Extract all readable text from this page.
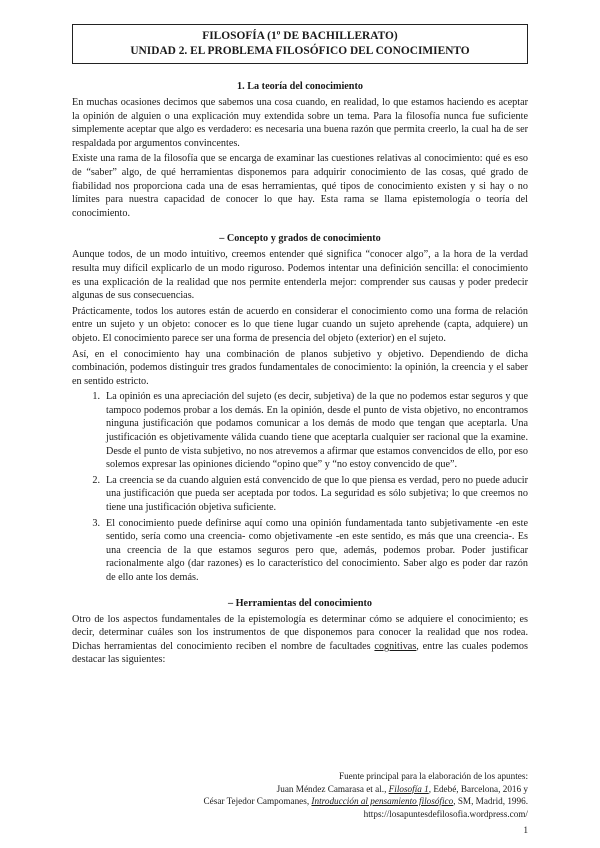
FILOSOFÍA (1º DE BACHILLERATO)
UNIDAD 2. EL PROBLEMA FILOSÓFICO DEL CONOCIMIENTO
1. La teoría del conocimiento

En muchas ocasiones decimos que sabemos una cosa cuando, en realidad, lo que estamos haciendo es aceptar la opinión de alguien o una explicación muy extendida sobre un tema. Para la filosofía nunca fue suficiente simplemente aceptar que algo es verdadero: es necesaria una buena razón que permita creerlo, la cual ha de ser respaldada por argumentos convincentes.

Existe una rama de la filosofía que se encarga de examinar las cuestiones relativas al conocimiento: qué es eso de “saber” algo, de qué herramientas disponemos para adquirir conocimiento de las cosas, qué grado de fiabilidad nos proporciona cada una de esas herramientas, qué tipos de conocimiento existen y si hay o no límites para nuestra capacidad de conocer lo que hay. Esta rama se llama epistemología o teoría del conocimiento.

– Concepto y grados de conocimiento

Aunque todos, de un modo intuitivo, creemos entender qué significa “conocer algo”, a la hora de la verdad resulta muy difícil explicarlo de un modo riguroso. Podemos intentar una definición sencilla: el conocimiento es una explicación de la realidad que nos permite entenderla mejor: comprender sus causas y poder predecir algunas de sus consecuencias.

Prácticamente, todos los autores están de acuerdo en considerar el conocimiento como una forma de relación entre un sujeto y un objeto: conocer es lo que tiene lugar cuando un sujeto aprehende (capta, adquiere) un objeto. El conocimiento parece ser una forma de presencia del objeto (exterior) en el sujeto.

Así, en el conocimiento hay una combinación de planos subjetivo y objetivo. Dependiendo de dicha combinación, podemos distinguir tres grados fundamentales de conocimiento: la opinión, la creencia y el saber en sentido estricto.

1. La opinión es una apreciación del sujeto (es decir, subjetiva) de la que no podemos estar seguros y que tampoco podemos probar a los demás. En la opinión, desde el punto de vista objetivo, no encontramos ninguna justificación que podamos comunicar a los demás de modo que tengan que aceptarla. Una justificación es objetivamente válida cuando tiene que aceptarla cualquier ser racional que la examine. Desde el punto de vista subjetivo, no nos atrevemos a afirmar que estamos convencidos de ello, por eso solemos expresar las opiniones diciendo “opino que” y “no estoy convencido de que”.
2. La creencia se da cuando alguien está convencido de que lo que piensa es verdad, pero no puede aducir una justificación que pueda ser aceptada por todos. La seguridad es sólo subjetiva; lo que creemos no tiene una justificación objetiva suficiente.
3. El conocimiento puede definirse aquí como una opinión fundamentada tanto subjetivamente -en este sentido, sería como una creencia- como objetivamente -en este sentido, es más que una creencia-. Es una creencia de la que estamos seguros pero que, además, podemos probar. Poder justificar racionalmente algo (dar razones) es lo característico del conocimiento. Saber algo es poder dar razón de ello ante los demás.
– Herramientas del conocimiento

Otro de los aspectos fundamentales de la epistemología es determinar cómo se adquiere el conocimiento; es decir, determinar cuáles son los instrumentos de que disponemos para conocer la realidad que nos rodea. Dichas herramientas del conocimiento reciben el nombre de facultades cognitivas, entre las cuales podemos destacar las siguientes:

Fuente principal para la elaboración de los apuntes:
Juan Méndez Camarasa et al., Filosofía 1, Edebé, Barcelona, 2016 y
César Tejedor Campomanes, Introducción al pensamiento filosófico, SM, Madrid, 1996.
https://losapuntesdefilosofia.wordpress.com/
1
